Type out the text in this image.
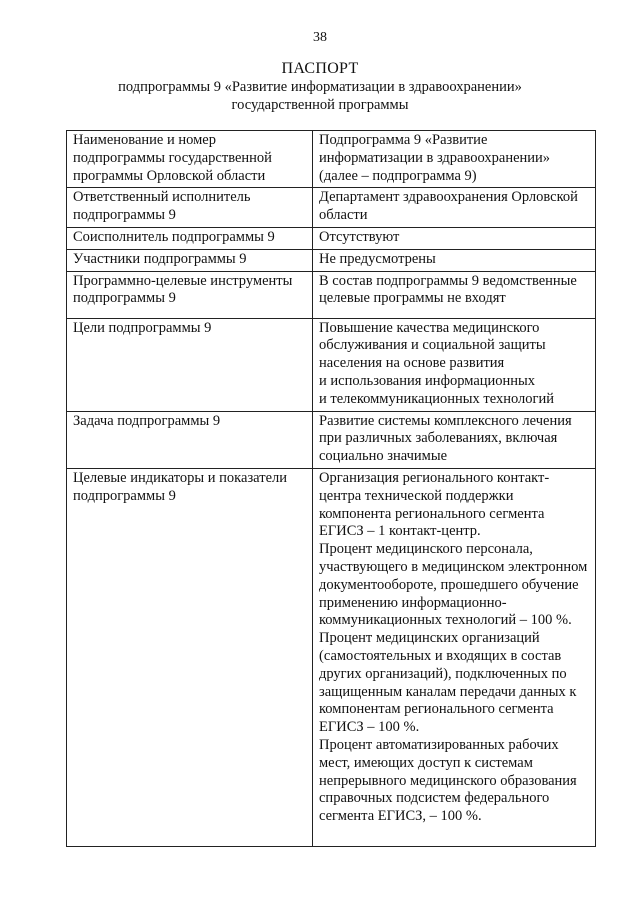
38
ПАСПОРТ
подпрограммы 9 «Развитие информатизации в здравоохранении»
государственной программы
Наименование и номер подпрограммы государственной программы Орловской области	Подпрограмма 9 «Развитие информатизации в здравоохранении» (далее – подпрограмма 9)

Ответственный исполнитель подпрограммы 9	Департамент здравоохранения Орловской области

Соисполнитель подпрограммы 9	Отсутствуют

Участники подпрограммы 9	Не предусмотрены

Программно-целевые инструменты подпрограммы 9	В состав подпрограммы 9 ведомственные целевые программы не входят

Цели подпрограммы 9	Повышение качества медицинского обслуживания и социальной защиты населения на основе развития
и использования информационных
и телекоммуникационных технологий

Задача подпрограммы 9	Развитие системы комплексного лечения при различных заболеваниях, включая социально значимые

Целевые индикаторы и показатели подпрограммы 9	Организация регионального контакт-центра технической поддержки компонента регионального сегмента ЕГИСЗ – 1 контакт-центр.
Процент медицинского персонала, участвующего в медицинском электронном документообороте, прошедшего обучение применению информационно-коммуникационных технологий – 100 %.
Процент медицинских организаций (самостоятельных и входящих в состав других организаций), подключенных по защищенным каналам передачи данных к компонентам регионального сегмента ЕГИСЗ – 100 %.
Процент автоматизированных рабочих мест, имеющих доступ к системам непрерывного медицинского образования справочных подсистем федерального сегмента ЕГИСЗ, – 100 %.
